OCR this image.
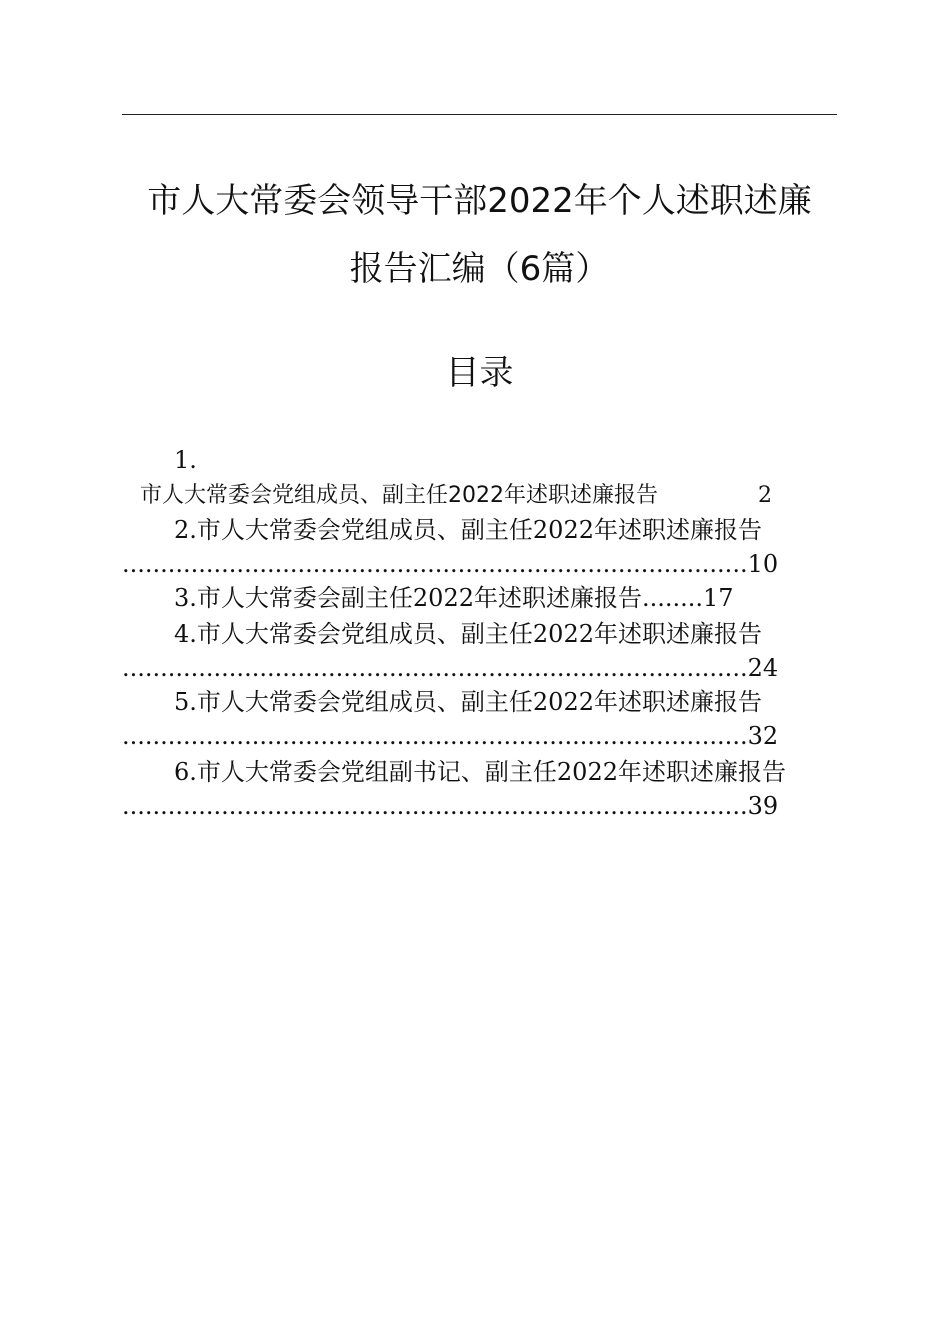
市人大常委会领导干部2022年个人述职述廉
报告汇编（6篇）
目录
1.
市人大常委会党组成员、副主任2022年述职述廉报告	2
2.市人大常委会党组成员、副主任2022年述职述廉报告
..................................................................................10
3.市人大常委会副主任2022年述职述廉报告........17
4.市人大常委会党组成员、副主任2022年述职述廉报告
..................................................................................24
5.市人大常委会党组成员、副主任2022年述职述廉报告
..................................................................................32
6.市人大常委会党组副书记、副主任2022年述职述廉报告
..................................................................................39
